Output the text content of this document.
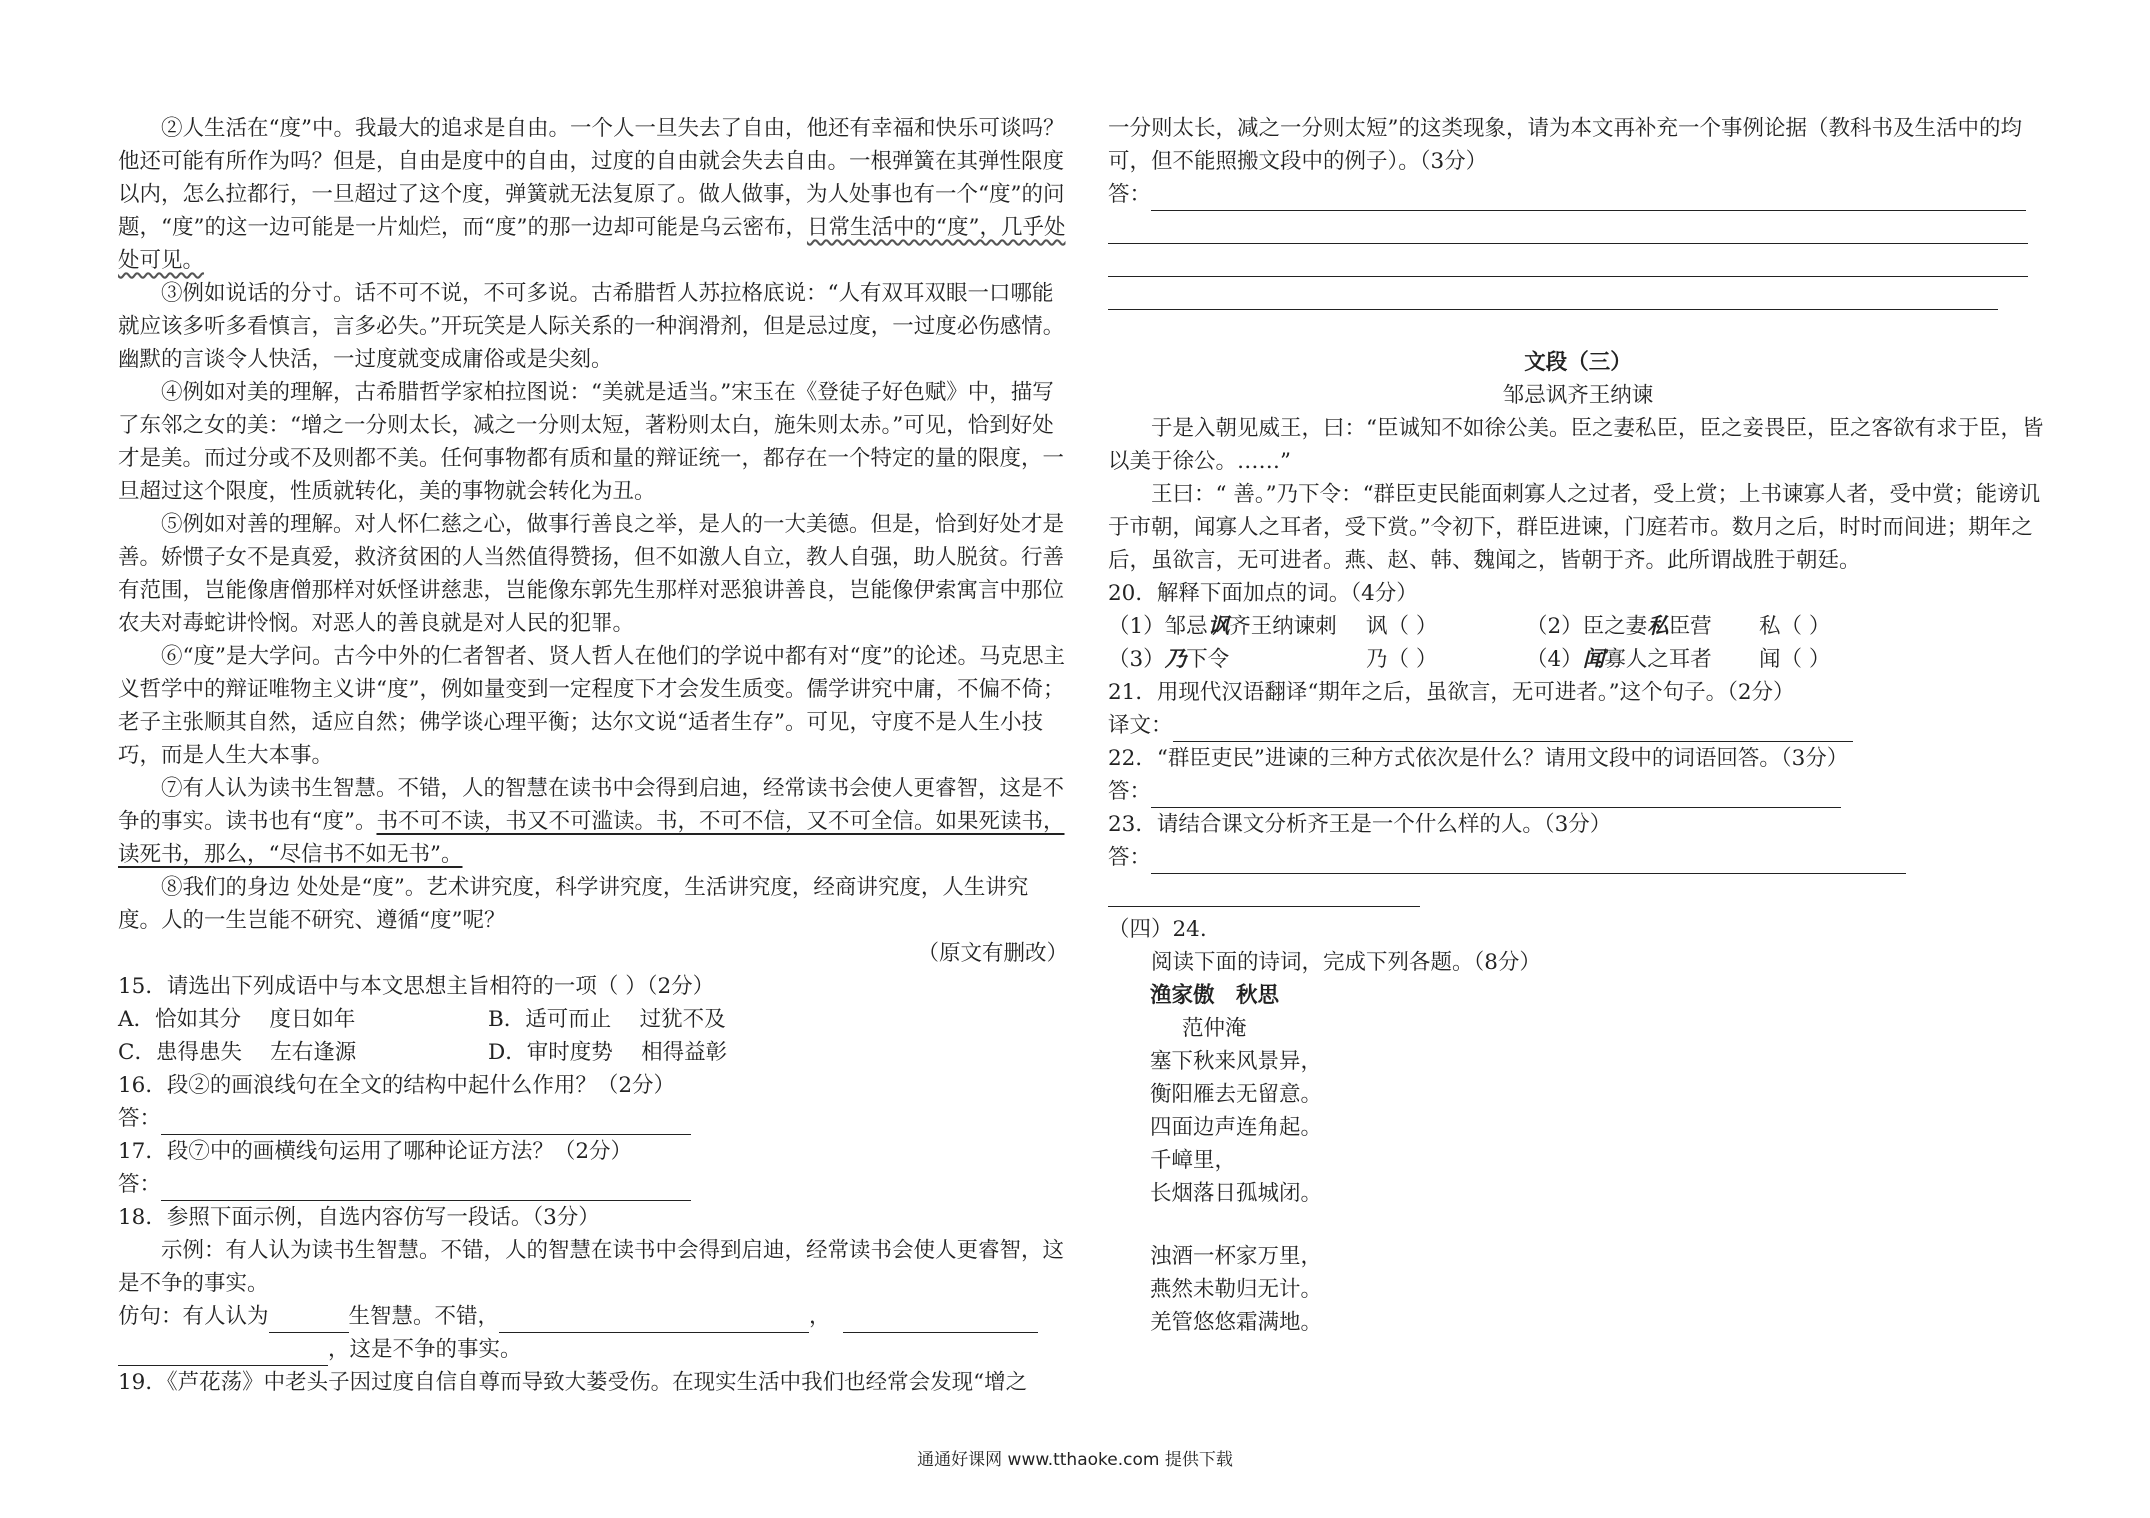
②人生活在“度”中。我最大的追求是自由。一个人一旦失去了自由，他还有幸福和快乐可谈吗？他还可能有所作为吗？但是，自由是度中的自由，过度的自由就会失去自由。一根弹簧在其弹性限度以内，怎么拉都行，一旦超过了这个度，弹簧就无法复原了。做人做事，为人处事也有一个“度”的问题，“度”的这一边可能是一片灿烂，而“度”的那一边却可能是乌云密布，日常生活中的“度”，几乎处处可见。

③例如说话的分寸。话不可不说，不可多说。古希腊哲人苏拉格底说：“人有双耳双眼一口哪能就应该多听多看慎言，言多必失。”开玩笑是人际关系的一种润滑剂，但是忌过度，一过度必伤感情。幽默的言谈令人快活，一过度就变成庸俗或是尖刻。

④例如对美的理解，古希腊哲学家柏拉图说：“美就是适当。”宋玉在《登徒子好色赋》中，描写了东邻之女的美：“增之一分则太长，减之一分则太短，著粉则太白，施朱则太赤。”可见，恰到好处才是美。而过分或不及则都不美。任何事物都有质和量的辩证统一，都存在一个特定的量的限度，一旦超过这个限度，性质就转化，美的事物就会转化为丑。

⑤例如对善的理解。对人怀仁慈之心，做事行善良之举，是人的一大美德。但是，恰到好处才是善。娇惯子女不是真爱，救济贫困的人当然值得赞扬，但不如激人自立，教人自强，助人脱贫。行善有范围，岂能像唐僧那样对妖怪讲慈悲，岂能像东郭先生那样对恶狼讲善良，岂能像伊索寓言中那位农夫对毒蛇讲怜悯。对恶人的善良就是对人民的犯罪。

⑥“度”是大学问。古今中外的仁者智者、贤人哲人在他们的学说中都有对“度”的论述。马克思主义哲学中的辩证唯物主义讲“度”，例如量变到一定程度下才会发生质变。儒学讲究中庸，不偏不倚；老子主张顺其自然，适应自然；佛学谈心理平衡；达尔文说“适者生存”。可见，守度不是人生小技巧，而是人生大本事。

⑦有人认为读书生智慧。不错，人的智慧在读书中会得到启迪，经常读书会使人更睿智，这是不争的事实。读书也有“度”。书不可不读，书又不可滥读。书，不可不信，又不可全信。如果死读书，读死书，那么，“尽信书不如无书”。

⑧我们的身边 处处是“度”。艺术讲究度，科学讲究度，生活讲究度，经商讲究度，人生讲究度。人的一生岂能不研究、遵循“度”呢？

（原文有删改）

15．请选出下列成语中与本文思想主旨相符的一项（ ）（2分）

A．恰如其分　 度日如年	B．适可而止　 过犹不及
C．患得患失　 左右逢源	D．审时度势　 相得益彰

16．段②的画浪线句在全文的结构中起什么作用？（2分）

答：

17．段⑦中的画横线句运用了哪种论证方法？（2分）

答：

18．参照下面示例，自选内容仿写一段话。（3分）

示例：有人认为读书生智慧。不错，人的智慧在读书中会得到启迪，经常读书会使人更睿智，这是不争的事实。

仿句：有人认为	生智慧。不错，	，
，这是不争的事实。

19．《芦花荡》中老头子因过度自信自尊而导致大蒌受伤。在现实生活中我们也经常会发现“增之

一分则太长，减之一分则太短”的这类现象，请为本文再补充一个事例论据（教科书及生活中的均可，但不能照搬文段中的例子）。（3分）

答：

文段（三）

邹忌讽齐王纳谏

于是入朝见威王，曰：“臣诚知不如徐公美。臣之妻私臣，臣之妾畏臣，臣之客欲有求于臣，皆以美于徐公。……”

王曰：“ 善。”乃下令：“群臣吏民能面刺寡人之过者，受上赏；上书谏寡人者，受中赏；能谤讥于市朝，闻寡人之耳者，受下赏。”令初下，群臣进谏，门庭若市。数月之后，时时而间进；期年之后，虽欲言，无可进者。燕、赵、韩、魏闻之，皆朝于齐。此所谓战胜于朝廷。

20．解释下面加点的词。（4分）

（1）邹忌讽齐王纳谏刺	讽（ ）	（2）臣之妻私臣营	私（ ）
（3）乃下令	乃（ ）	（4）闻寡人之耳者	闻（ ）

21．用现代汉语翻译“期年之后，虽欲言，无可进者。”这个句子。（2分）

译文：

22．“群臣吏民”进谏的三种方式依次是什么？请用文段中的词语回答。（3分）

答：

23．请结合课文分析齐王是一个什么样的人。（3分）

答：

（四）24.

阅读下面的诗词，完成下列各题。（8分）

渔家傲　秋思

范仲淹

塞下秋来风景异，

衡阳雁去无留意。

四面边声连角起。

千嶂里，

长烟落日孤城闭。

浊酒一杯家万里，

燕然未勒归无计。

羌管悠悠霜满地。

通通好课网 www.tthaoke.com 提供下载
